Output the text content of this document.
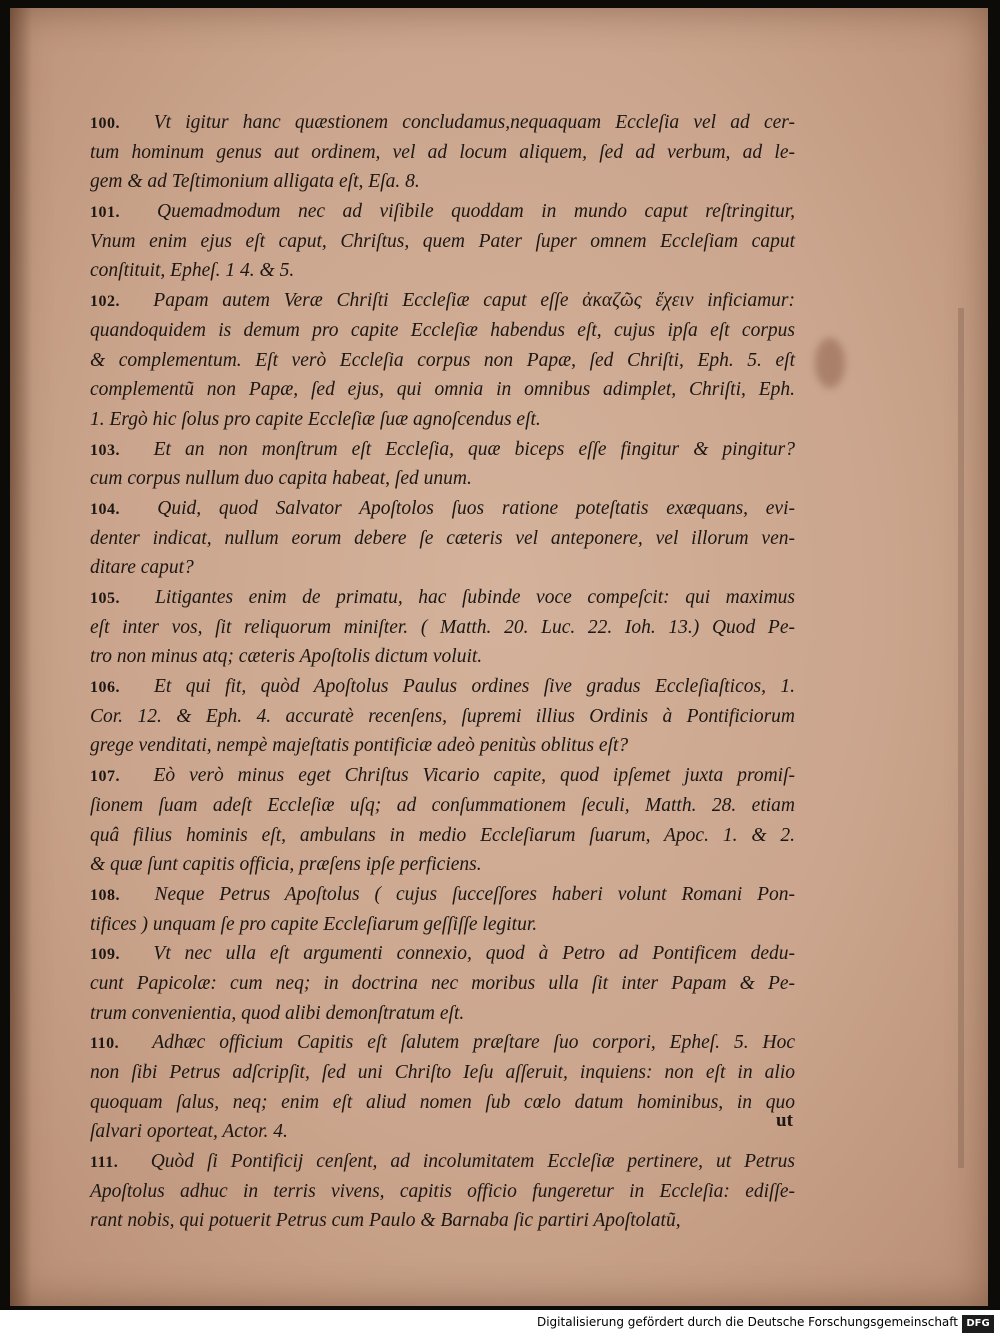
100.  Vt igitur hanc quæstionem concludamus,nequaquam Eccleſia vel ad cer-
tum hominum genus aut ordinem, vel ad locum aliquem, ſed ad verbum, ad le-
gem & ad Teſtimonium alligata eſt, Eſa. 8.
101.  Quemadmodum nec ad viſibile quoddam in mundo caput reſtringitur,
Vnum enim ejus eſt caput, Chriſtus, quem Pater ſuper omnem Eccleſiam caput
conſtituit, Epheſ. 1 4. & 5.
102.  Papam autem Veræ Chriſti Eccleſiæ caput eſſe ἀκαζῶς ἔχειν inficiamur:
quandoquidem is demum pro capite Eccleſiæ habendus eſt, cujus ipſa eſt corpus
& complementum. Eſt verò Eccleſia corpus non Papæ, ſed Chriſti, Eph. 5. eſt
complementũ non Papæ, ſed ejus, qui omnia in omnibus adimplet, Chriſti, Eph.
1. Ergò hic ſolus pro capite Eccleſiæ ſuæ agnoſcendus eſt.
103.  Et an non monſtrum eſt Eccleſia, quæ biceps eſſe fingitur & pingitur?
cum corpus nullum duo capita habeat, ſed unum.
104.  Quid, quod Salvator Apoſtolos ſuos ratione poteſtatis exæquans, evi-
denter indicat, nullum eorum debere ſe cæteris vel anteponere, vel illorum ven-
ditare caput?
105.  Litigantes enim de primatu, hac ſubinde voce compeſcit: qui maximus
eſt inter vos, ſit reliquorum miniſter. ( Matth. 20. Luc. 22. Ioh. 13.) Quod Pe-
tro non minus atq; cæteris Apoſtolis dictum voluit.
106.  Et qui fit, quòd Apoſtolus Paulus ordines ſive gradus Eccleſiaſticos, 1.
Cor. 12. & Eph. 4. accuratè recenſens, ſupremi illius Ordinis à Pontificiorum
grege venditati, nempè majeſtatis pontificiæ adeò penitùs oblitus eſt?
107.  Eò verò minus eget Chriſtus Vicario capite, quod ipſemet juxta promiſ-
ſionem ſuam adeſt Eccleſiæ uſq; ad conſummationem ſeculi, Matth. 28. etiam
quâ filius hominis eſt, ambulans in medio Eccleſiarum ſuarum, Apoc. 1. & 2.
& quæ ſunt capitis officia, præſens ipſe perficiens.
108.  Neque Petrus Apoſtolus ( cujus ſucceſſores haberi volunt Romani Pon-
tifices ) unquam ſe pro capite Eccleſiarum geſſiſſe legitur.
109.  Vt nec ulla eſt argumenti connexio, quod à Petro ad Pontificem dedu-
cunt Papicolæ: cum neq; in doctrina nec moribus ulla ſit inter Papam & Pe-
trum convenientia, quod alibi demonſtratum eſt.
110.  Adhæc officium Capitis eſt ſalutem præſtare ſuo corpori, Epheſ. 5. Hoc
non ſibi Petrus adſcripſit, ſed uni Chriſto Ieſu aſſeruit, inquiens: non eſt in alio
quoquam ſalus, neq; enim eſt aliud nomen ſub cœlo datum hominibus, in quo
ſalvari oporteat, Actor. 4.
111.  Quòd ſi Pontificij cenſent, ad incolumitatem Eccleſiæ pertinere, ut Petrus
Apoſtolus adhuc in terris vivens, capitis officio fungeretur in Eccleſia: ediſſe-
rant nobis, qui potuerit Petrus cum Paulo & Barnaba ſic partiri Apoſtolatũ,
ut
Digitalisierung gefördert durch die Deutsche Forschungsgemeinschaft DFG
